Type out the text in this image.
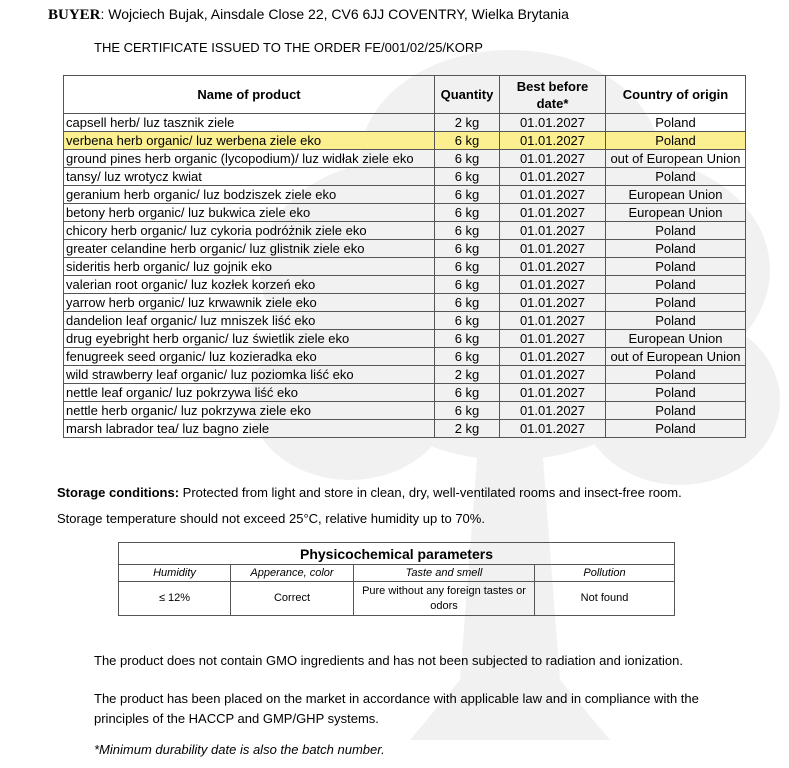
BUYER: Wojciech Bujak, Ainsdale Close 22, CV6 6JJ COVENTRY, Wielka Brytania
THE CERTIFICATE ISSUED TO THE ORDER FE/001/02/25/KORP
Name of product	Quantity	Best before date*	Country of origin
capsell herb/ luz tasznik ziele	2 kg	01.01.2027	Poland
verbena herb organic/ luz werbena ziele eko	6 kg	01.01.2027	Poland
ground pines herb organic (lycopodium)/ luz widłak ziele eko	6 kg	01.01.2027	out of European Union
tansy/ luz wrotycz kwiat	6 kg	01.01.2027	Poland
geranium herb organic/ luz bodziszek ziele eko	6 kg	01.01.2027	European Union
betony herb organic/ luz bukwica ziele eko	6 kg	01.01.2027	European Union
chicory herb organic/ luz cykoria podróżnik ziele eko	6 kg	01.01.2027	Poland
greater celandine herb organic/ luz glistnik ziele eko	6 kg	01.01.2027	Poland
sideritis herb organic/ luz gojnik eko	6 kg	01.01.2027	Poland
valerian root organic/ luz kozłek korzeń eko	6 kg	01.01.2027	Poland
yarrow herb organic/ luz krwawnik ziele eko	6 kg	01.01.2027	Poland
dandelion leaf organic/ luz mniszek liść eko	6 kg	01.01.2027	Poland
drug eyebright herb organic/ luz świetlik ziele eko	6 kg	01.01.2027	European Union
fenugreek seed organic/ luz kozieradka eko	6 kg	01.01.2027	out of European Union
wild strawberry leaf organic/ luz poziomka liść eko	2 kg	01.01.2027	Poland
nettle leaf organic/ luz pokrzywa liść eko	6 kg	01.01.2027	Poland
nettle herb organic/ luz pokrzywa ziele eko	6 kg	01.01.2027	Poland
marsh labrador tea/ luz bagno ziele	2 kg	01.01.2027	Poland
Storage conditions: Protected from light and store in clean, dry, well-ventilated rooms and insect-free room.
Storage temperature should not exceed 25°C, relative humidity up to 70%.
Physicochemical parameters			
Humidity	Apperance, color	Taste and smell	Pollution
≤ 12%	Correct	Pure without any foreign tastes or odors	Not found
The product does not contain GMO ingredients and has not been subjected to radiation and ionization.
The product has been placed on the market in accordance with applicable law and in compliance with the principles of the HACCP and GMP/GHP systems.
*Minimum durability date is also the batch number.
